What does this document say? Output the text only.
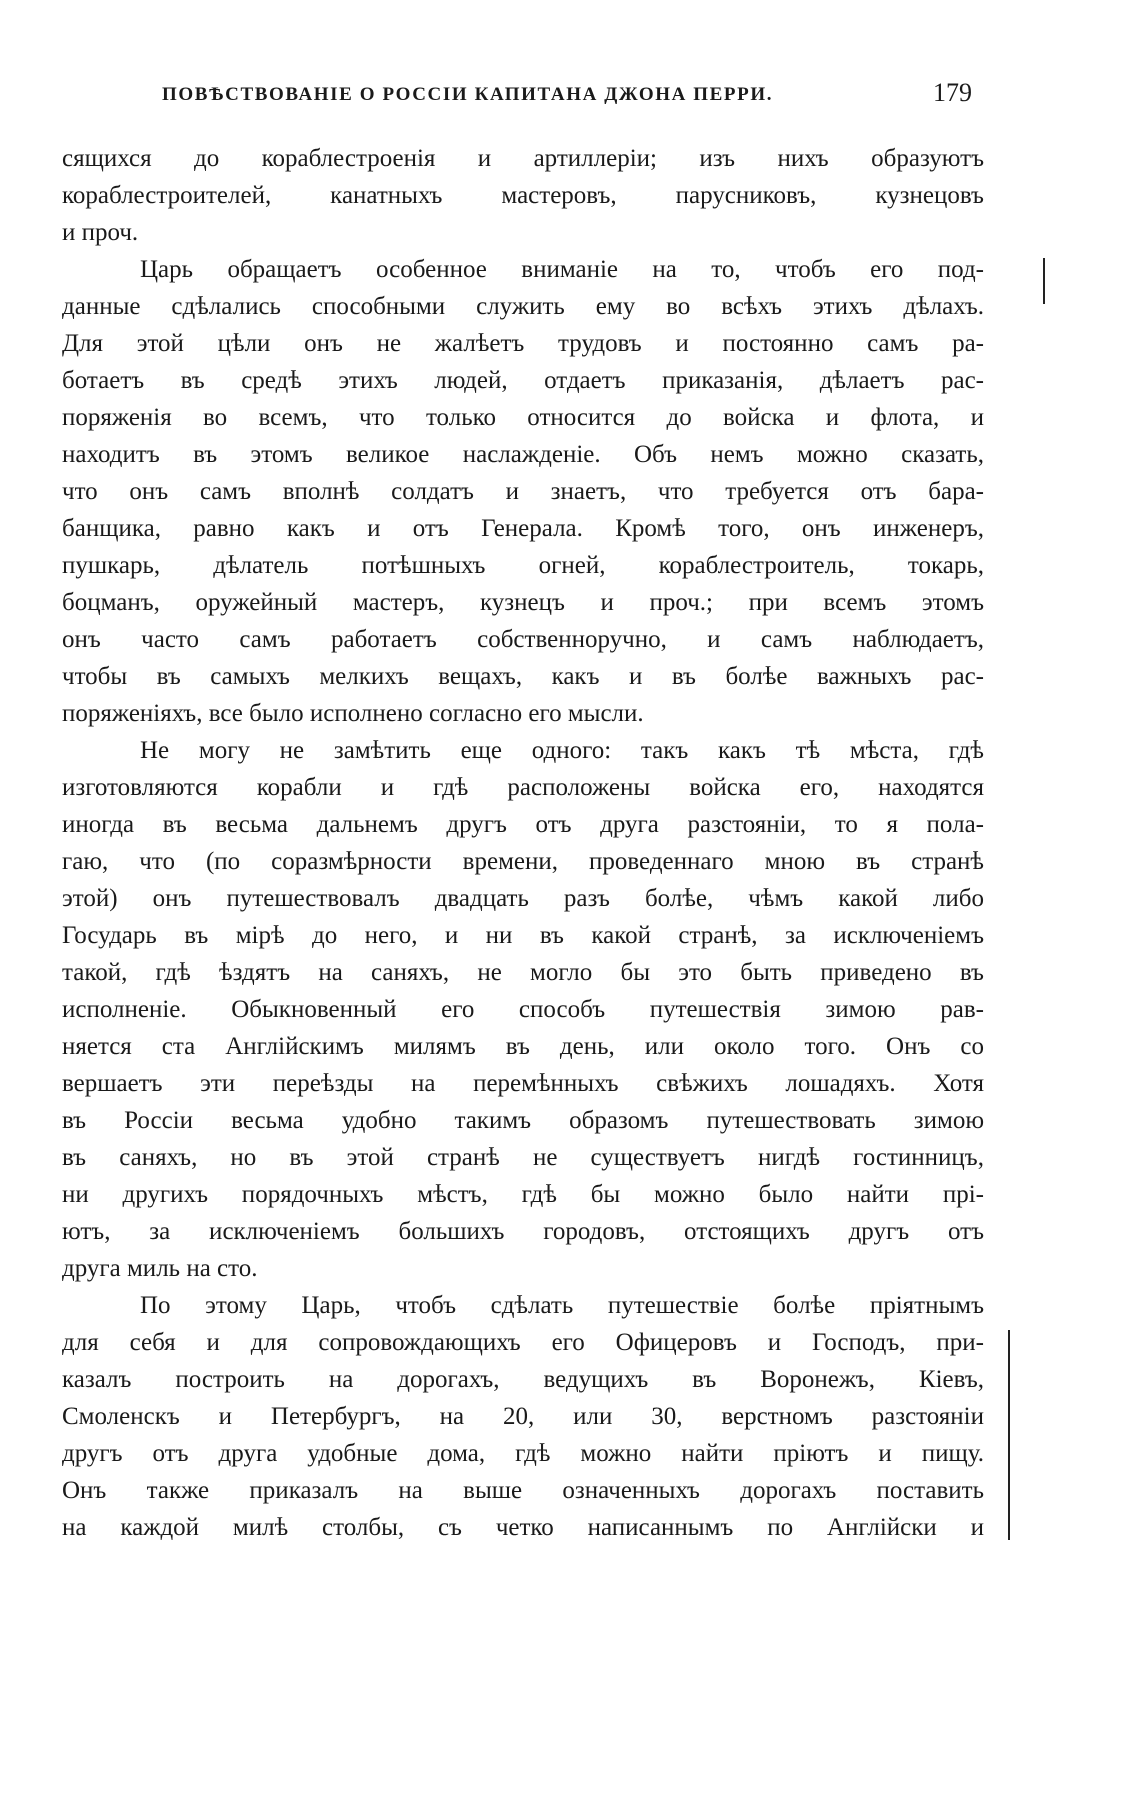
ПОВѢСТВОВАНІЕ О РОССІИ КАПИТАНА ДЖОНА ПЕРРИ.	179
сящихся до кораблестроенія и артиллеріи; изъ нихъ образуютъ
кораблестроителей, канатныхъ мастеровъ, парусниковъ, кузнецовъ
и проч.
Царь обращаетъ особенное вниманіе на то, чтобъ его под-
данные сдѣлались способными служить ему во всѣхъ этихъ дѣлахъ.
Для этой цѣли онъ не жалѣетъ трудовъ и постоянно самъ ра-
ботаетъ въ средѣ этихъ людей, отдаетъ приказанія, дѣлаетъ рас-
поряженія во всемъ, что только относится до войска и флота, и
находитъ въ этомъ великое наслажденіе. Объ немъ можно сказать,
что онъ самъ вполнѣ солдатъ и знаетъ, что требуется отъ бара-
банщика, равно какъ и отъ Генерала. Кромѣ того, онъ инженеръ,
пушкарь, дѣлатель потѣшныхъ огней, кораблестроитель, токарь,
боцманъ, оружейный мастеръ, кузнецъ и проч.; при всемъ этомъ
онъ часто самъ работаетъ собственноручно, и самъ наблюдаетъ,
чтобы въ самыхъ мелкихъ вещахъ, какъ и въ болѣе важныхъ рас-
поряженіяхъ, все было исполнено согласно его мысли.
Не могу не замѣтить еще одного: такъ какъ тѣ мѣста, гдѣ
изготовляются корабли и гдѣ расположены войска его, находятся
иногда въ весьма дальнемъ другъ отъ друга разстояніи, то я пола-
гаю, что (по соразмѣрности времени, проведеннаго мною въ странѣ
этой) онъ путешествовалъ двадцать разъ болѣе, чѣмъ какой либо
Государь въ мірѣ до него, и ни въ какой странѣ, за исключеніемъ
такой, гдѣ ѣздятъ на саняхъ, не могло бы это быть приведено въ
исполненіе. Обыкновенный его способъ путешествія зимою рав-
няется ста Англійскимъ милямъ въ день, или около того. Онъ со
вершаетъ эти переѣзды на перемѣнныхъ свѣжихъ лошадяхъ. Хотя
въ Россіи весьма удобно такимъ образомъ путешествовать зимою
въ саняхъ, но въ этой странѣ не существуетъ нигдѣ гостинницъ,
ни другихъ порядочныхъ мѣстъ, гдѣ бы можно было найти прі-
ютъ, за исключеніемъ большихъ городовъ, отстоящихъ другъ отъ
друга миль на сто.
По этому Царь, чтобъ сдѣлать путешествіе болѣе пріятнымъ
для себя и для сопровождающихъ его Офицеровъ и Господъ, при-
казалъ построить на дорогахъ, ведущихъ въ Воронежъ, Кіевъ,
Смоленскъ и Петербургъ, на 20, или 30, верстномъ разстояніи
другъ отъ друга удобные дома, гдѣ можно найти пріютъ и пищу.
Онъ также приказалъ на выше означенныхъ дорогахъ поставить
на каждой милѣ столбы, съ четко написаннымъ по Англійски и
